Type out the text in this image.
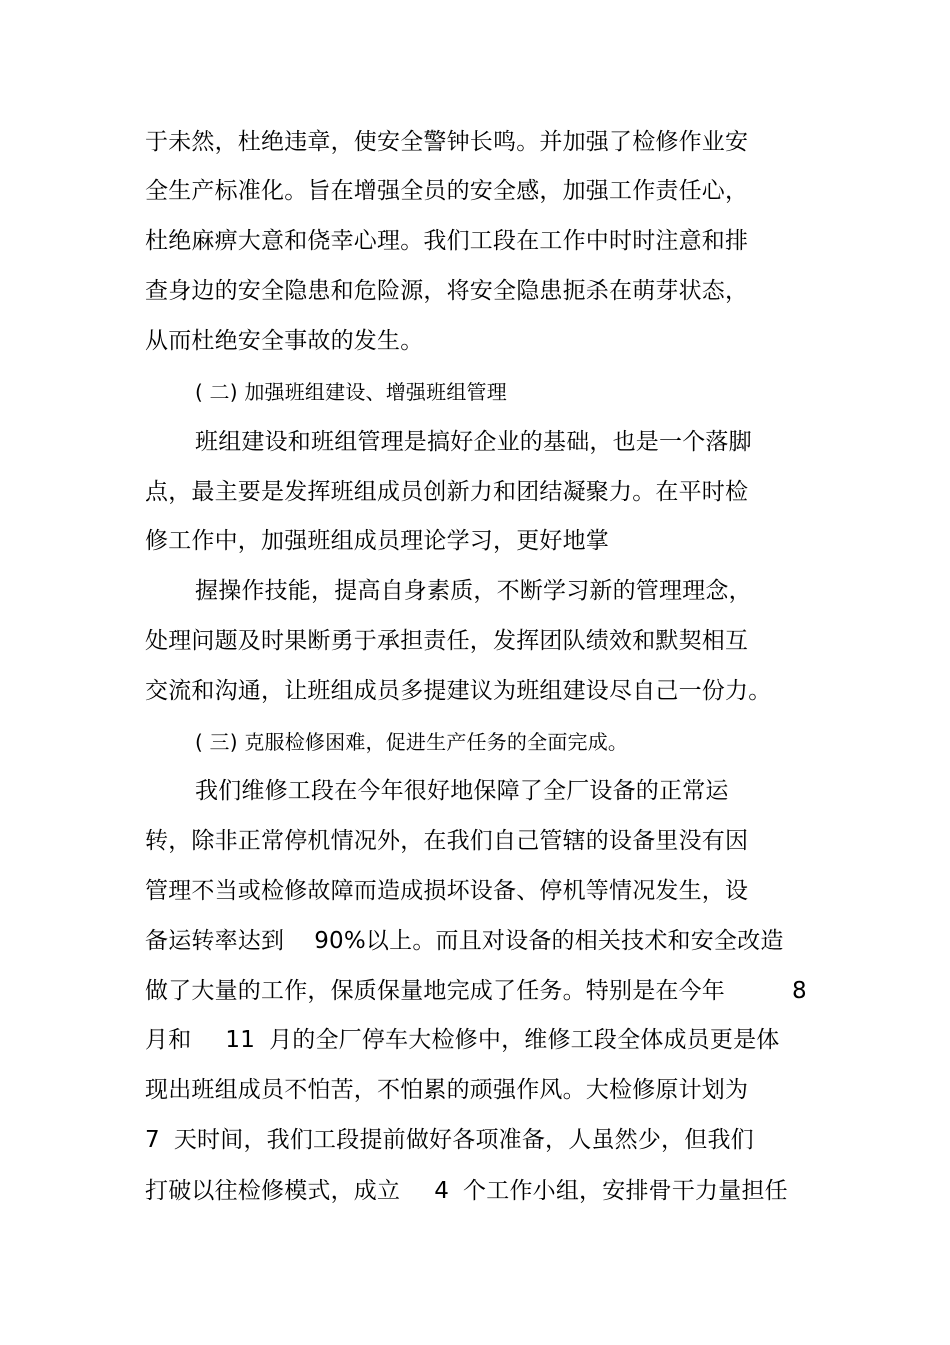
于未然，杜绝违章，使安全警钟长鸣。并加强了检修作业安
全生产标准化。旨在增强全员的安全感，加强工作责任心，
杜绝麻痹大意和侥幸心理。我们工段在工作中时时注意和排
查身边的安全隐患和危险源，将安全隐患扼杀在萌芽状态，
从而杜绝安全事故的发生。
( 二) 加强班组建设、增强班组管理
班组建设和班组管理是搞好企业的基础，也是一个落脚
点，最主要是发挥班组成员创新力和团结凝聚力。在平时检
修工作中，加强班组成员理论学习，更好地掌
握操作技能，提高自身素质，不断学习新的管理理念，
处理问题及时果断勇于承担责任，发挥团队绩效和默契相互
交流和沟通，让班组成员多提建议为班组建设尽自己一份力。
( 三) 克服检修困难，促进生产任务的全面完成。
我们维修工段在今年很好地保障了全厂设备的正常运
转，除非正常停机情况外，在我们自己管辖的设备里没有因
管理不当或检修故障而造成损坏设备、停机等情况发生，设
备运转率达到 90%以上。而且对设备的相关技术和安全改造
做了大量的工作，保质保量地完成了任务。特别是在今年	8
月和 11 月的全厂停车大检修中，维修工段全体成员更是体
现出班组成员不怕苦，不怕累的顽强作风。大检修原计划为
7 天时间，我们工段提前做好各项准备，人虽然少，但我们
打破以往检修模式，成立 4 个工作小组，安排骨干力量担任
